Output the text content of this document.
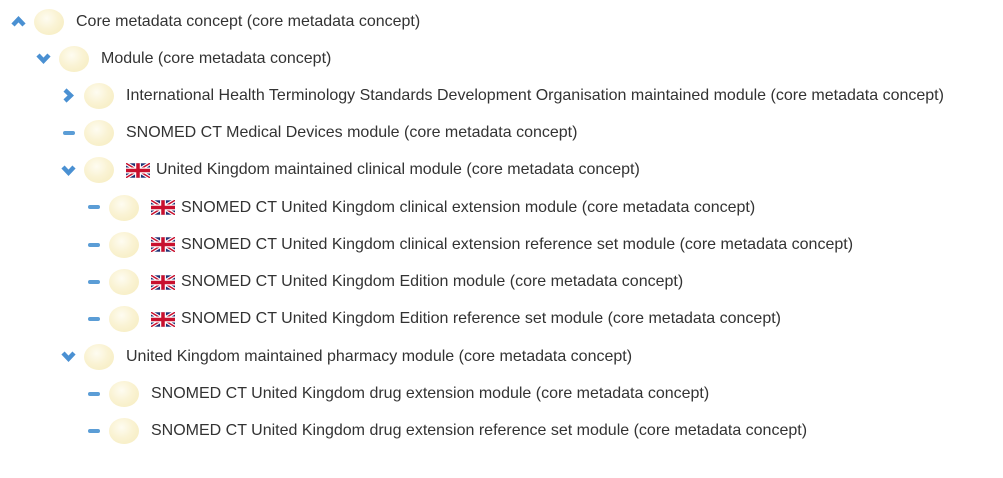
Core metadata concept (core metadata concept)
Module (core metadata concept)
International Health Terminology Standards Development Organisation maintained module (core metadata concept)
SNOMED CT Medical Devices module (core metadata concept)
United Kingdom maintained clinical module (core metadata concept)
SNOMED CT United Kingdom clinical extension module (core metadata concept)
SNOMED CT United Kingdom clinical extension reference set module (core metadata concept)
SNOMED CT United Kingdom Edition module (core metadata concept)
SNOMED CT United Kingdom Edition reference set module (core metadata concept)
United Kingdom maintained pharmacy module (core metadata concept)
SNOMED CT United Kingdom drug extension module (core metadata concept)
SNOMED CT United Kingdom drug extension reference set module (core metadata concept)
